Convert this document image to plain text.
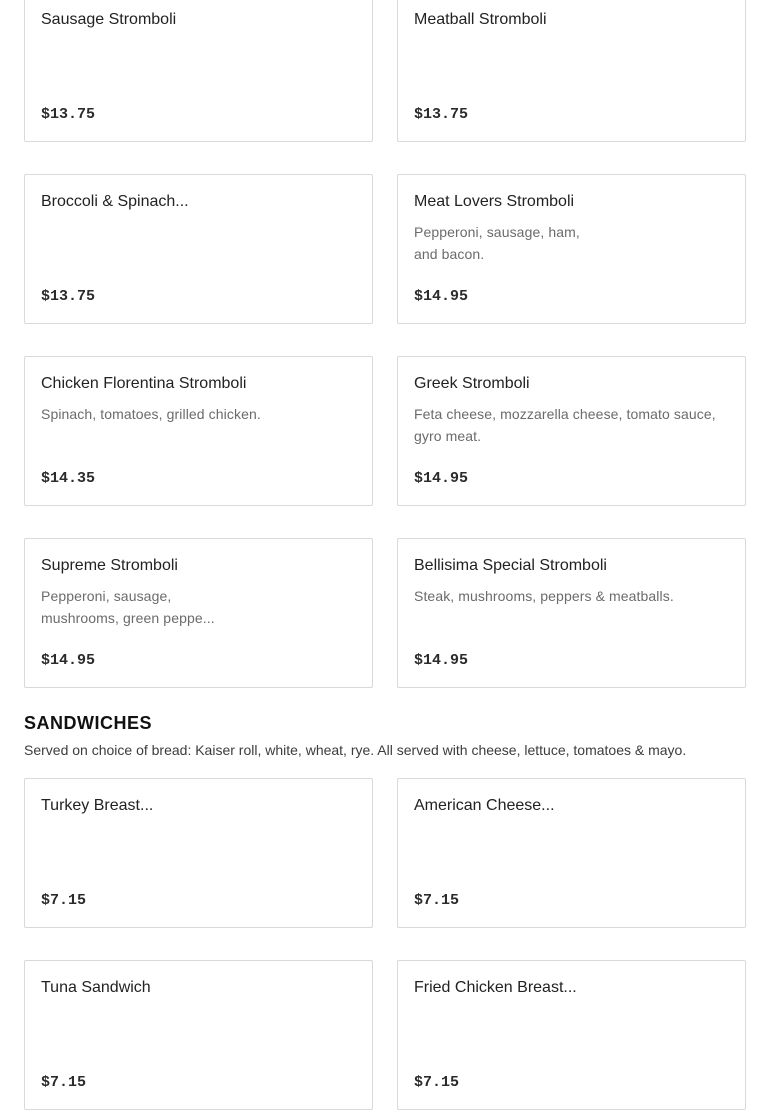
Sausage Stromboli
$13.75
Meatball Stromboli
$13.75
Broccoli & Spinach...
$13.75
Meat Lovers Stromboli
Pepperoni, sausage, ham, and bacon.
$14.95
Chicken Florentina Stromboli
Spinach, tomatoes, grilled chicken.
$14.35
Greek Stromboli
Feta cheese, mozzarella cheese, tomato sauce, gyro meat.
$14.95
Supreme Stromboli
Pepperoni, sausage, mushrooms, green peppe...
$14.95
Bellisima Special Stromboli
Steak, mushrooms, peppers & meatballs.
$14.95
SANDWICHES

Served on choice of bread: Kaiser roll, white, wheat, rye. All served with cheese, lettuce, tomatoes & mayo.

Turkey Breast...
$7.15
American Cheese...
$7.15
Tuna Sandwich
$7.15
Fried Chicken Breast...
$7.15
